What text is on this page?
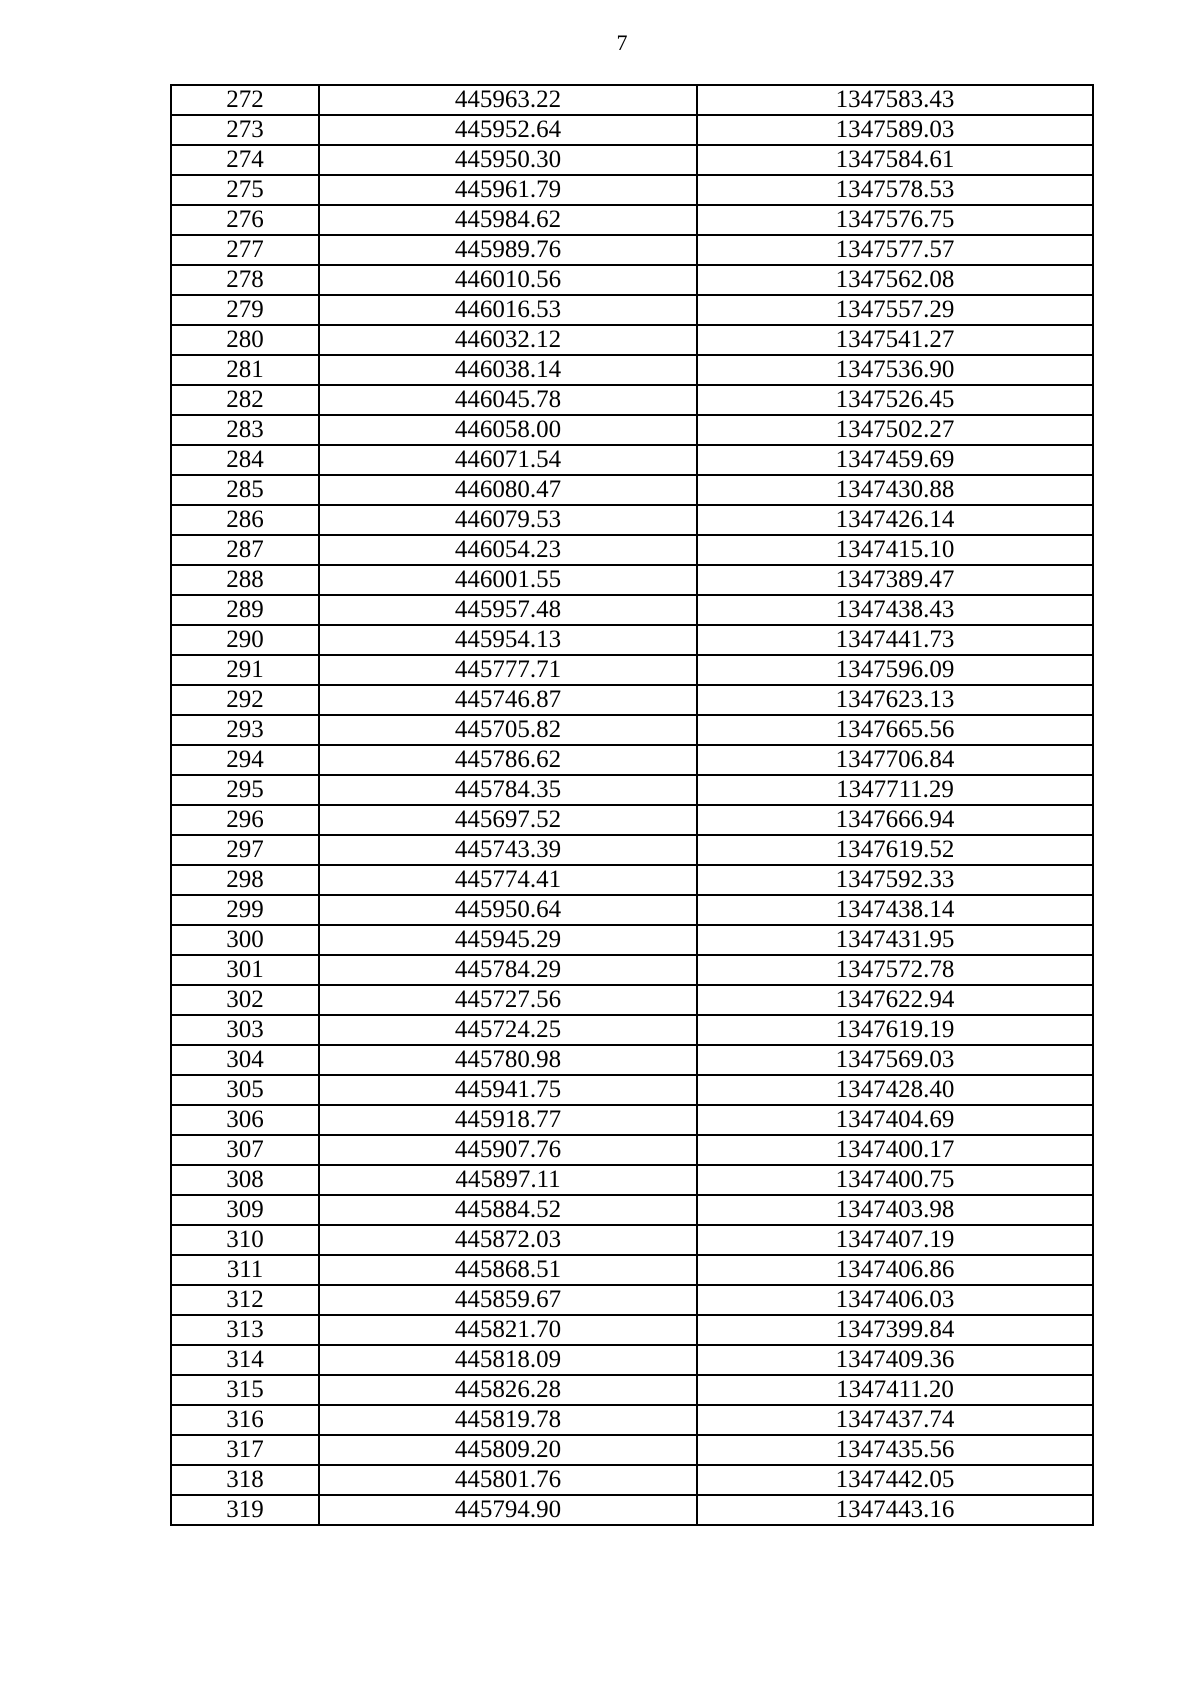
7
272	445963.22	1347583.43
273	445952.64	1347589.03
274	445950.30	1347584.61
275	445961.79	1347578.53
276	445984.62	1347576.75
277	445989.76	1347577.57
278	446010.56	1347562.08
279	446016.53	1347557.29
280	446032.12	1347541.27
281	446038.14	1347536.90
282	446045.78	1347526.45
283	446058.00	1347502.27
284	446071.54	1347459.69
285	446080.47	1347430.88
286	446079.53	1347426.14
287	446054.23	1347415.10
288	446001.55	1347389.47
289	445957.48	1347438.43
290	445954.13	1347441.73
291	445777.71	1347596.09
292	445746.87	1347623.13
293	445705.82	1347665.56
294	445786.62	1347706.84
295	445784.35	1347711.29
296	445697.52	1347666.94
297	445743.39	1347619.52
298	445774.41	1347592.33
299	445950.64	1347438.14
300	445945.29	1347431.95
301	445784.29	1347572.78
302	445727.56	1347622.94
303	445724.25	1347619.19
304	445780.98	1347569.03
305	445941.75	1347428.40
306	445918.77	1347404.69
307	445907.76	1347400.17
308	445897.11	1347400.75
309	445884.52	1347403.98
310	445872.03	1347407.19
311	445868.51	1347406.86
312	445859.67	1347406.03
313	445821.70	1347399.84
314	445818.09	1347409.36
315	445826.28	1347411.20
316	445819.78	1347437.74
317	445809.20	1347435.56
318	445801.76	1347442.05
319	445794.90	1347443.16
